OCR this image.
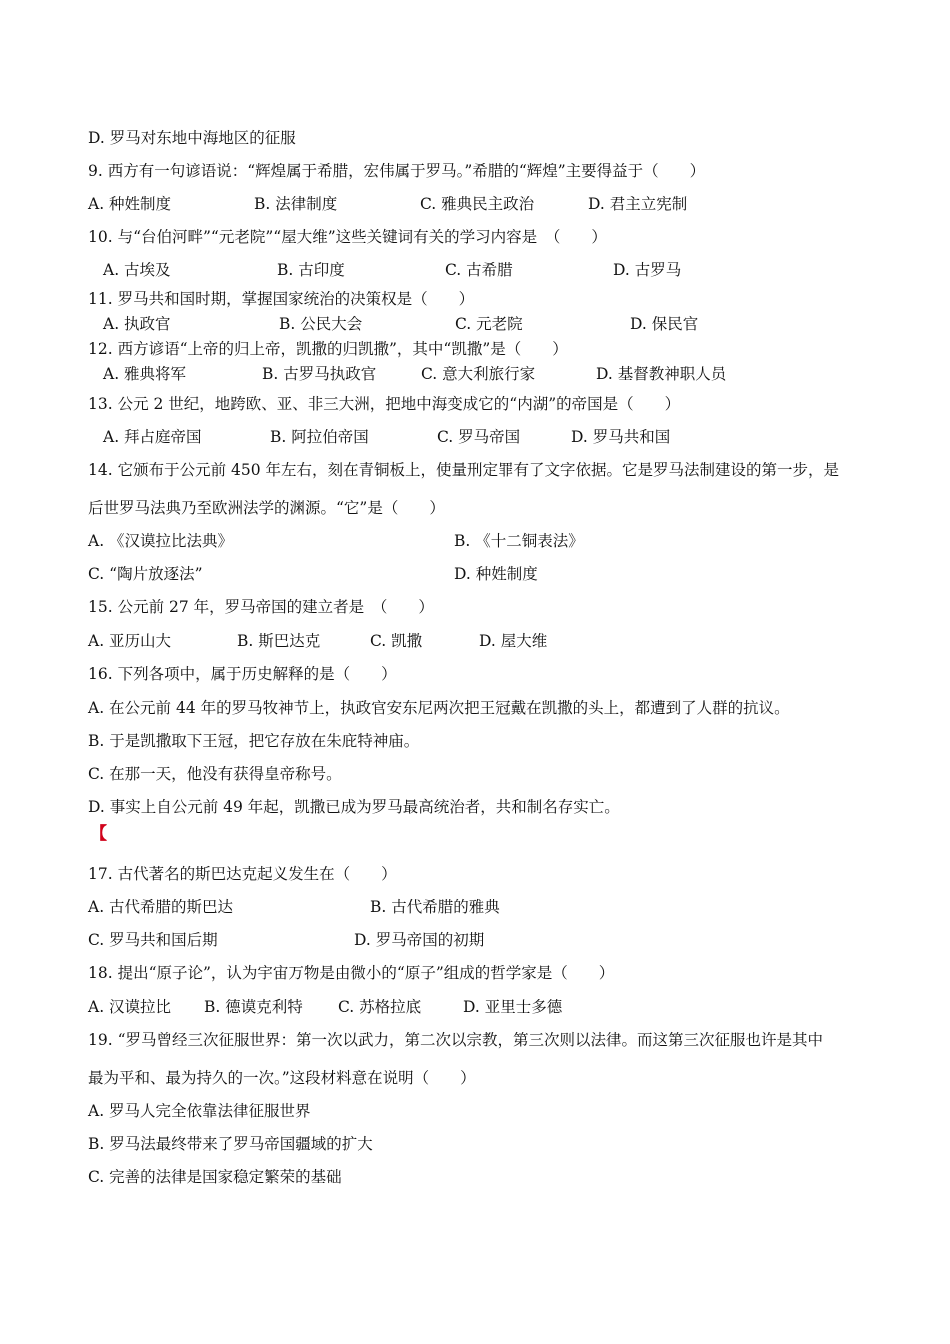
D. 罗马对东地中海地区的征服
9. 西方有一句谚语说：“辉煌属于希腊，宏伟属于罗马。”希腊的“辉煌”主要得益于（　　）
A. 种姓制度	B. 法律制度	C. 雅典民主政治	D. 君主立宪制
10. 与“台伯河畔”“元老院”“屋大维”这些关键词有关的学习内容是　（　　）
A. 古埃及	B. 古印度	C. 古希腊	D. 古罗马
11. 罗马共和国时期，掌握国家统治的决策权是（　　）
A. 执政官	B. 公民大会	C. 元老院	D. 保民官
12. 西方谚语“上帝的归上帝，凯撒的归凯撒”，其中“凯撒”是（　　）
A. 雅典将军	B. 古罗马执政官	C. 意大利旅行家	D. 基督教神职人员
13. 公元 2 世纪，地跨欧、亚、非三大洲，把地中海变成它的“内湖”的帝国是（　　）
A. 拜占庭帝国	B. 阿拉伯帝国	C. 罗马帝国	D. 罗马共和国
14. 它颁布于公元前 450 年左右，刻在青铜板上，使量刑定罪有了文字依据。它是罗马法制建设的第一步，是
后世罗马法典乃至欧洲法学的渊源。“它”是（　　）
A. 《汉谟拉比法典》	B. 《十二铜表法》
C. “陶片放逐法”	D. 种姓制度
15. 公元前 27 年，罗马帝国的建立者是　（　　）
A. 亚历山大	B. 斯巴达克	C. 凯撒	D. 屋大维
16. 下列各项中，属于历史解释的是（　　）
A. 在公元前 44 年的罗马牧神节上，执政官安东尼两次把王冠戴在凯撒的头上，都遭到了人群的抗议。
B. 于是凯撒取下王冠，把它存放在朱庇特神庙。
C. 在那一天，他没有获得皇帝称号。
D. 事实上自公元前 49 年起，凯撒已成为罗马最高统治者，共和制名存实亡。
【
17. 古代著名的斯巴达克起义发生在（　　）
A. 古代希腊的斯巴达	B. 古代希腊的雅典
C. 罗马共和国后期	D. 罗马帝国的初期
18. 提出“原子论”，认为宇宙万物是由微小的“原子”组成的哲学家是（　　）
A. 汉谟拉比 B. 德谟克利特 C. 苏格拉底	D. 亚里士多德
19. “罗马曾经三次征服世界：第一次以武力，第二次以宗教，第三次则以法律。而这第三次征服也许是其中
最为平和、最为持久的一次。”这段材料意在说明（　　）
A. 罗马人完全依靠法律征服世界
B. 罗马法最终带来了罗马帝国疆域的扩大
C. 完善的法律是国家稳定繁荣的基础
